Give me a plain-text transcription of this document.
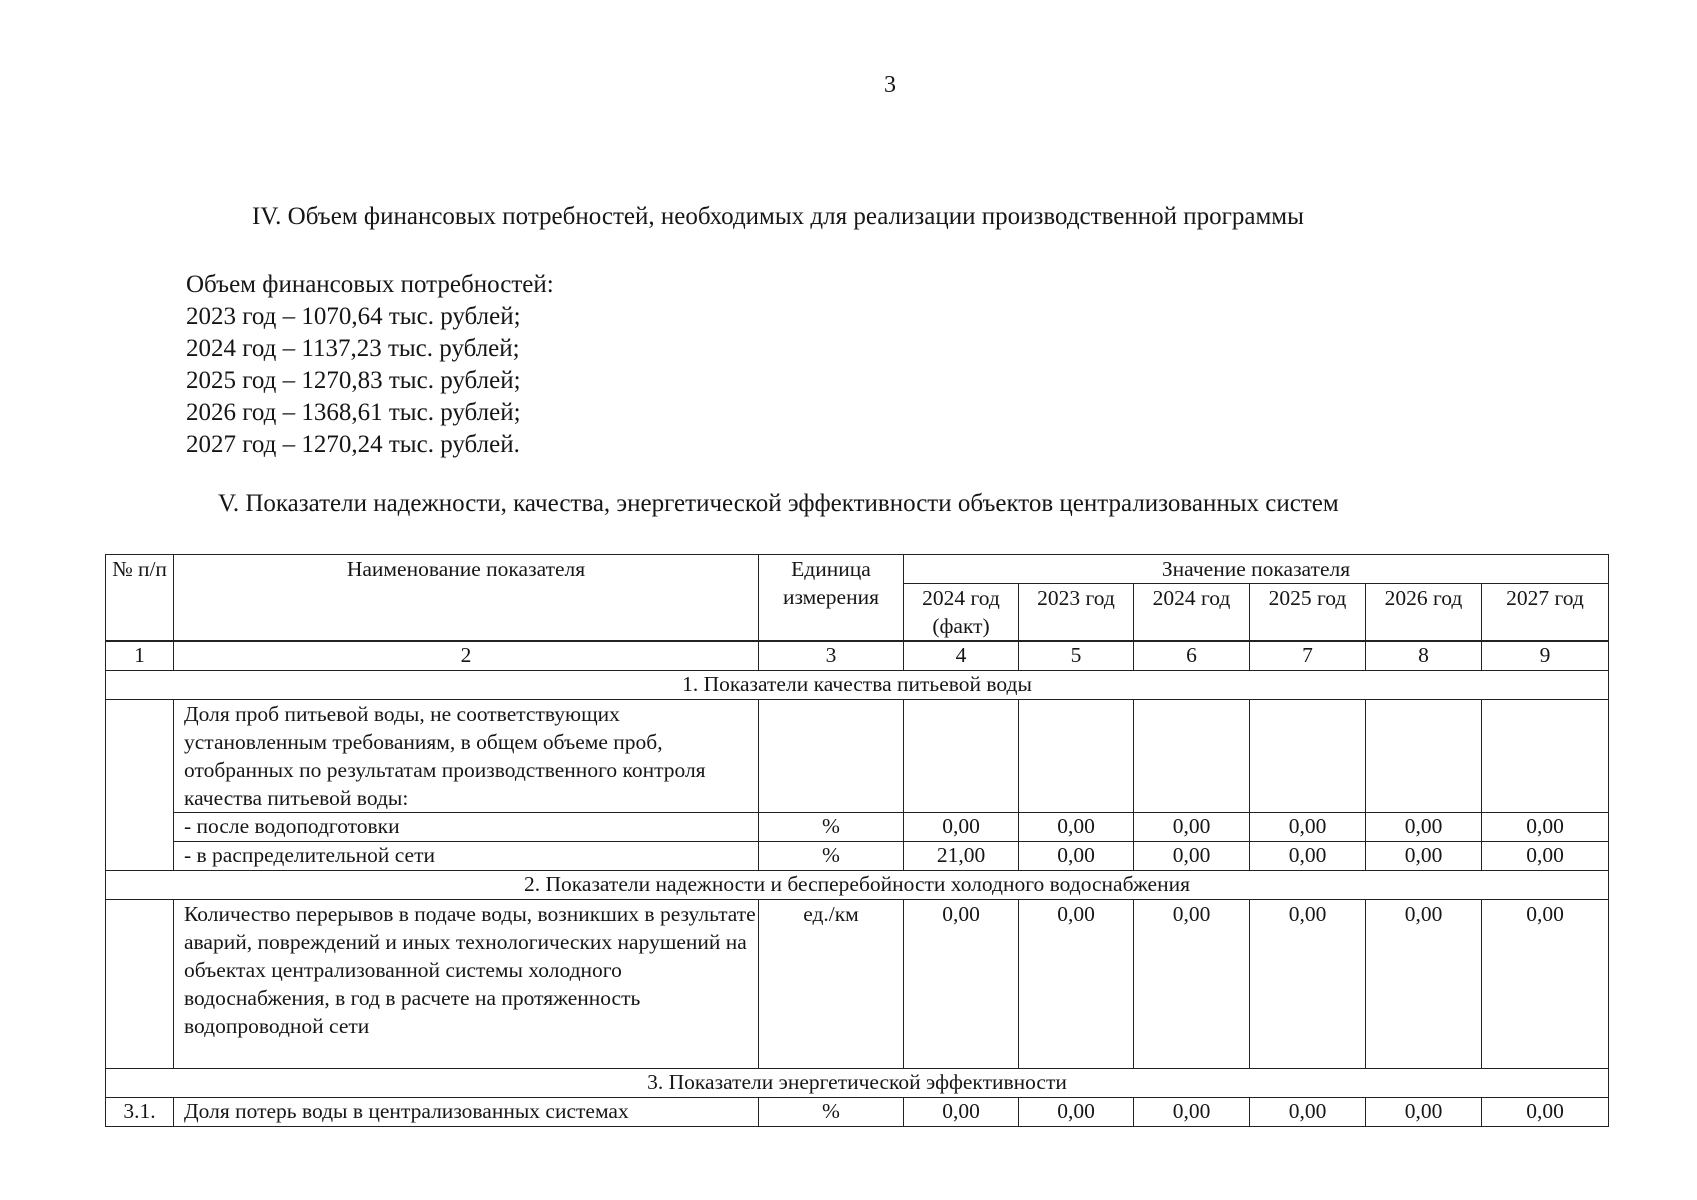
3
IV. Объем финансовых потребностей, необходимых для реализации производственной программы
Объем финансовых потребностей:
2023 год – 1070,64 тыс. рублей;
2024 год – 1137,23 тыс. рублей;
2025 год – 1270,83 тыс. рублей;
2026 год – 1368,61 тыс. рублей;
2027 год – 1270,24 тыс. рублей.
V. Показатели надежности, качества, энергетической эффективности объектов централизованных систем
№ п/п	Наименование показателя	Единица измерения	Значение показателя					
			2024 год (факт)	2023 год	2024 год	2025 год	2026 год	2027 год
1	2	3	4	5	6	7	8	9
1. Показатели качества питьевой воды								
	Доля проб питьевой воды, не соответствующих установленным требованиям, в общем объеме проб, отобранных по результатам производственного контроля качества питьевой воды:							
	- после водоподготовки	%	0,00	0,00	0,00	0,00	0,00	0,00
	- в распределительной сети	%	21,00	0,00	0,00	0,00	0,00	0,00
2. Показатели надежности и бесперебойности холодного водоснабжения								
	Количество перерывов в подаче воды, возникших в результате аварий, повреждений и иных технологических нарушений на объектах централизованной системы холодного водоснабжения, в год в расчете на протяженность водопроводной сети	ед./км	0,00	0,00	0,00	0,00	0,00	0,00
3. Показатели энергетической эффективности								
3.1.	Доля потерь воды в централизованных системах	%	0,00	0,00	0,00	0,00	0,00	0,00
